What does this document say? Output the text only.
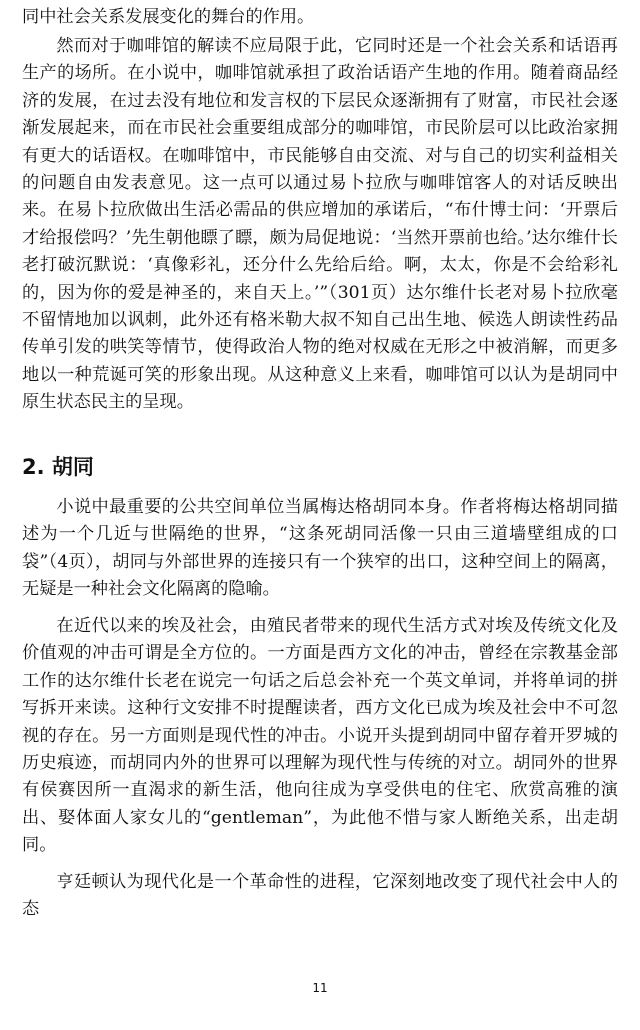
同中社会关系发展变化的舞台的作用。

然而对于咖啡馆的解读不应局限于此，它同时还是一个社会关系和话语再生产的场所。在小说中，咖啡馆就承担了政治话语产生地的作用。随着商品经济的发展，在过去没有地位和发言权的下层民众逐渐拥有了财富，市民社会逐渐发展起来，而在市民社会重要组成部分的咖啡馆，市民阶层可以比政治家拥有更大的话语权。在咖啡馆中，市民能够自由交流、对与自己的切实利益相关的问题自由发表意见。这一点可以通过易卜拉欣与咖啡馆客人的对话反映出来。在易卜拉欣做出生活必需品的供应增加的承诺后，“布什博士问：‘开票后才给报偿吗？’先生朝他瞟了瞟，颇为局促地说：‘当然开票前也给。’达尔维什长老打破沉默说：‘真像彩礼，还分什么先给后给。啊，太太，你是不会给彩礼的，因为你的爱是神圣的，来自天上。’”（301页）达尔维什长老对易卜拉欣毫不留情地加以讽刺，此外还有格米勒大叔不知自己出生地、候选人朗读性药品传单引发的哄笑等情节，使得政治人物的绝对权威在无形之中被消解，而更多地以一种荒诞可笑的形象出现。从这种意义上来看，咖啡馆可以认为是胡同中原生状态民主的呈现。

2. 胡同

小说中最重要的公共空间单位当属梅达格胡同本身。作者将梅达格胡同描述为一个几近与世隔绝的世界，“这条死胡同活像一只由三道墙壁组成的口袋”（4页），胡同与外部世界的连接只有一个狭窄的出口，这种空间上的隔离，无疑是一种社会文化隔离的隐喻。

在近代以来的埃及社会，由殖民者带来的现代生活方式对埃及传统文化及价值观的冲击可谓是全方位的。一方面是西方文化的冲击，曾经在宗教基金部工作的达尔维什长老在说完一句话之后总会补充一个英文单词，并将单词的拼写拆开来读。这种行文安排不时提醒读者，西方文化已成为埃及社会中不可忽视的存在。另一方面则是现代性的冲击。小说开头提到胡同中留存着开罗城的历史痕迹，而胡同内外的世界可以理解为现代性与传统的对立。胡同外的世界有侯赛因所一直渴求的新生活，他向往成为享受供电的住宅、欣赏高雅的演出、娶体面人家女儿的“gentleman”，为此他不惜与家人断绝关系，出走胡同。

亨廷顿认为现代化是一个革命性的进程，它深刻地改变了现代社会中人的态

11
